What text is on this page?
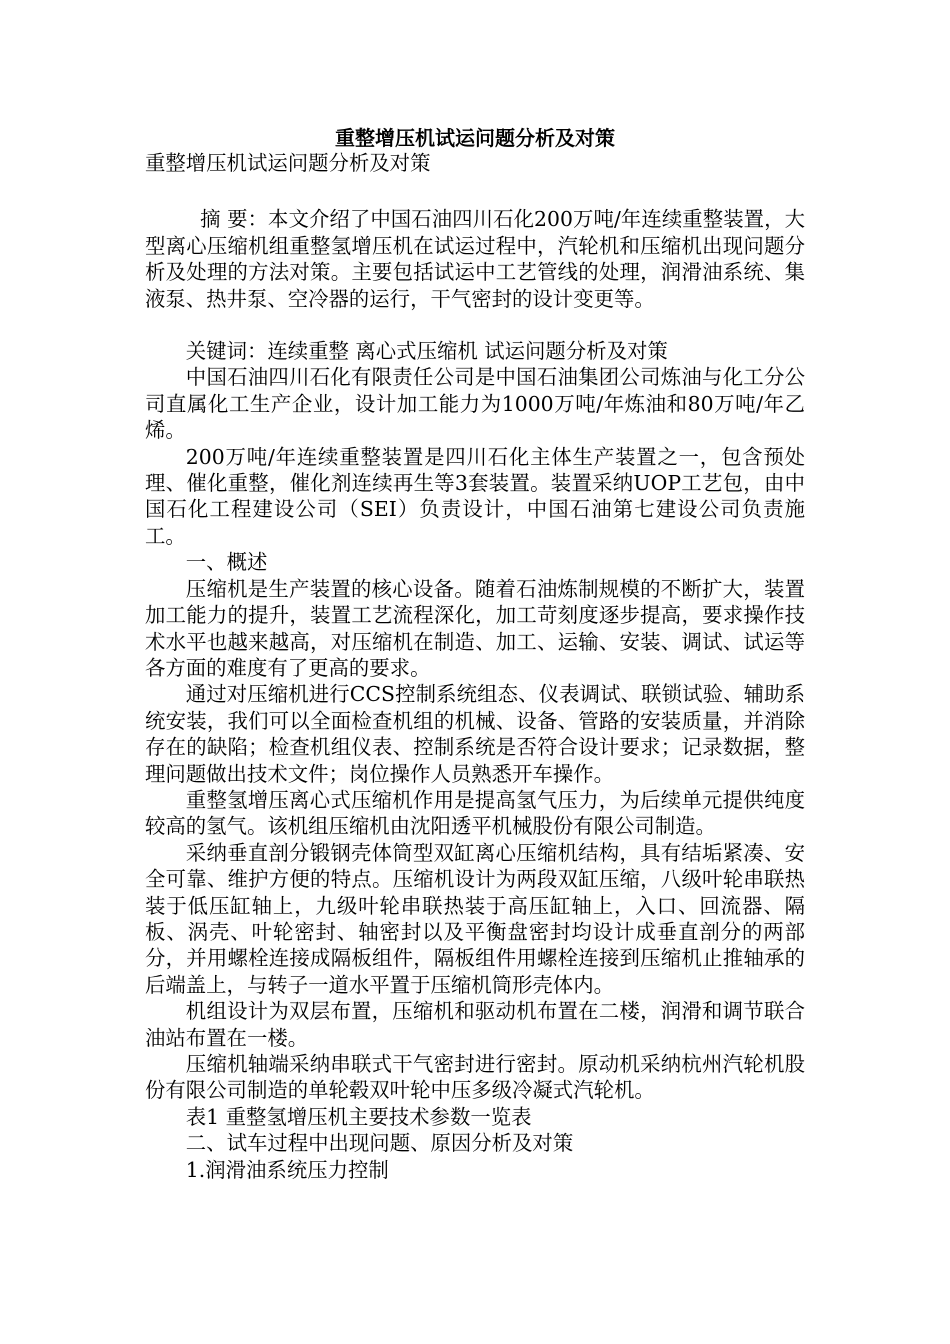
重整增压机试运问题分析及对策

重整增压机试运问题分析及对策

摘 要：本文介绍了中国石油四川石化200万吨/年连续重整装置，大型离心压缩机组重整氢增压机在试运过程中，汽轮机和压缩机出现问题分析及处理的方法对策。主要包括试运中工艺管线的处理，润滑油系统、集液泵、热井泵、空冷器的运行，干气密封的设计变更等。

关键词：连续重整 离心式压缩机 试运问题分析及对策

中国石油四川石化有限责任公司是中国石油集团公司炼油与化工分公司直属化工生产企业，设计加工能力为1000万吨/年炼油和80万吨/年乙烯。

200万吨/年连续重整装置是四川石化主体生产装置之一，包含预处理、催化重整，催化剂连续再生等3套装置。装置采纳UOP工艺包，由中国石化工程建设公司（SEI）负责设计，中国石油第七建设公司负责施工。

一、概述

压缩机是生产装置的核心设备。随着石油炼制规模的不断扩大，装置加工能力的提升，装置工艺流程深化，加工苛刻度逐步提高，要求操作技术水平也越来越高，对压缩机在制造、加工、运输、安装、调试、试运等各方面的难度有了更高的要求。

通过对压缩机进行CCS控制系统组态、仪表调试、联锁试验、辅助系统安装，我们可以全面检查机组的机械、设备、管路的安装质量，并消除存在的缺陷；检查机组仪表、控制系统是否符合设计要求；记录数据，整理问题做出技术文件；岗位操作人员熟悉开车操作。

重整氢增压离心式压缩机作用是提高氢气压力，为后续单元提供纯度较高的氢气。该机组压缩机由沈阳透平机械股份有限公司制造。

采纳垂直剖分锻钢壳体筒型双缸离心压缩机结构，具有结垢紧凑、安全可靠、维护方便的特点。压缩机设计为两段双缸压缩，八级叶轮串联热装于低压缸轴上，九级叶轮串联热装于高压缸轴上，入口、回流器、隔板、涡壳、叶轮密封、轴密封以及平衡盘密封均设计成垂直剖分的两部分，并用螺栓连接成隔板组件，隔板组件用螺栓连接到压缩机止推轴承的后端盖上，与转子一道水平置于压缩机筒形壳体内。

机组设计为双层布置，压缩机和驱动机布置在二楼，润滑和调节联合油站布置在一楼。

压缩机轴端采纳串联式干气密封进行密封。原动机采纳杭州汽轮机股份有限公司制造的单轮毂双叶轮中压多级冷凝式汽轮机。

表1 重整氢增压机主要技术参数一览表

二、试车过程中出现问题、原因分析及对策

1.润滑油系统压力控制
